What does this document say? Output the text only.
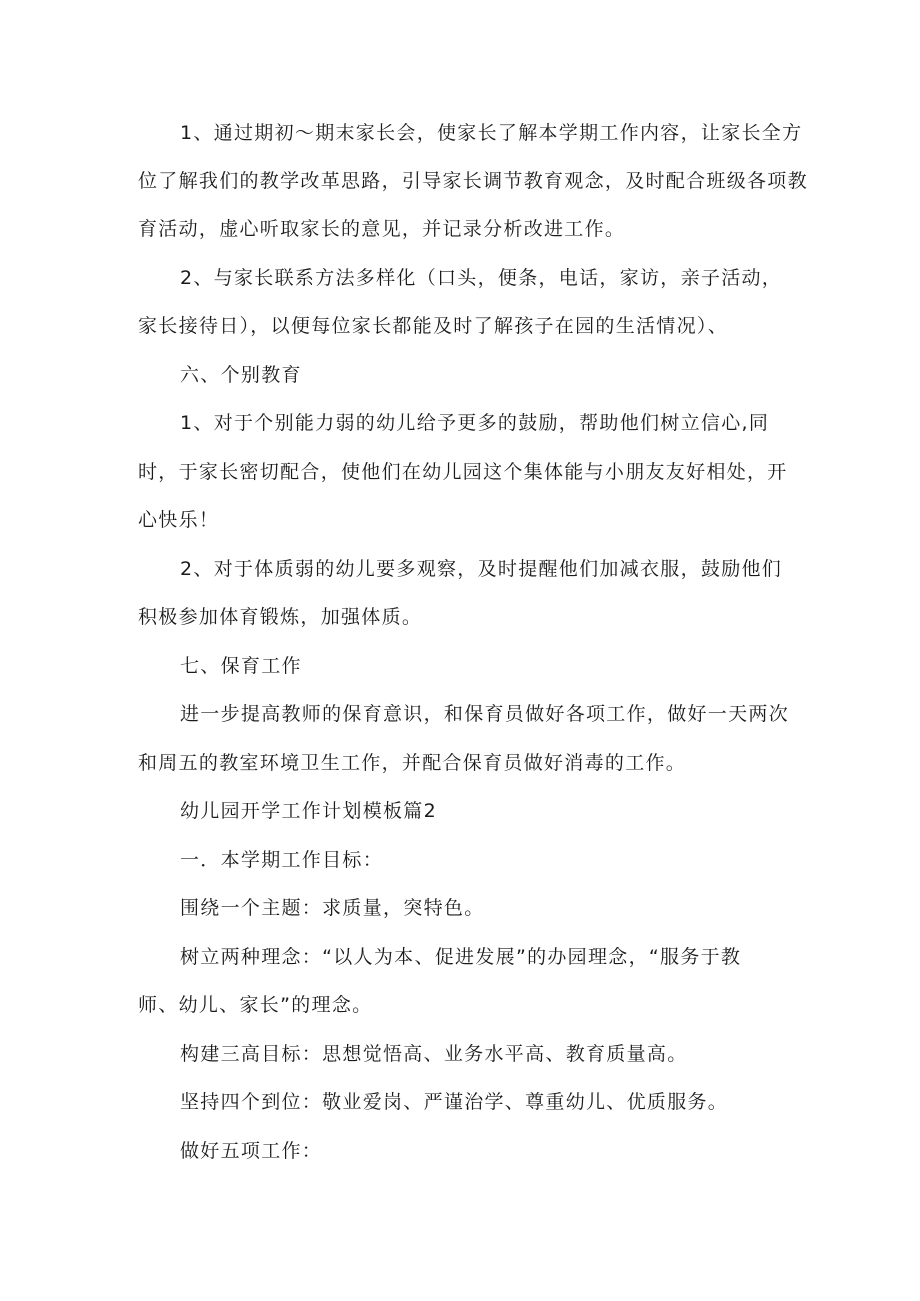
1、通过期初～期末家长会，使家长了解本学期工作内容，让家长全方
位了解我们的教学改革思路，引导家长调节教育观念，及时配合班级各项教
育活动，虚心听取家长的意见，并记录分析改进工作。
2、与家长联系方法多样化（口头，便条，电话，家访，亲子活动，
家长接待日），以便每位家长都能及时了解孩子在园的生活情况）、
六、个别教育
1、对于个别能力弱的幼儿给予更多的鼓励，帮助他们树立信心,同
时，于家长密切配合，使他们在幼儿园这个集体能与小朋友友好相处，开
心快乐！
2、对于体质弱的幼儿要多观察，及时提醒他们加减衣服，鼓励他们
积极参加体育锻炼，加强体质。
七、保育工作
进一步提高教师的保育意识，和保育员做好各项工作，做好一天两次
和周五的教室环境卫生工作，并配合保育员做好消毒的工作。
幼儿园开学工作计划模板篇2
一．本学期工作目标：
围绕一个主题：求质量，突特色。
树立两种理念：“以人为本、促进发展”的办园理念，“服务于教
师、幼儿、家长”的理念。
构建三高目标：思想觉悟高、业务水平高、教育质量高。
坚持四个到位：敬业爱岗、严谨治学、尊重幼儿、优质服务。
做好五项工作：
